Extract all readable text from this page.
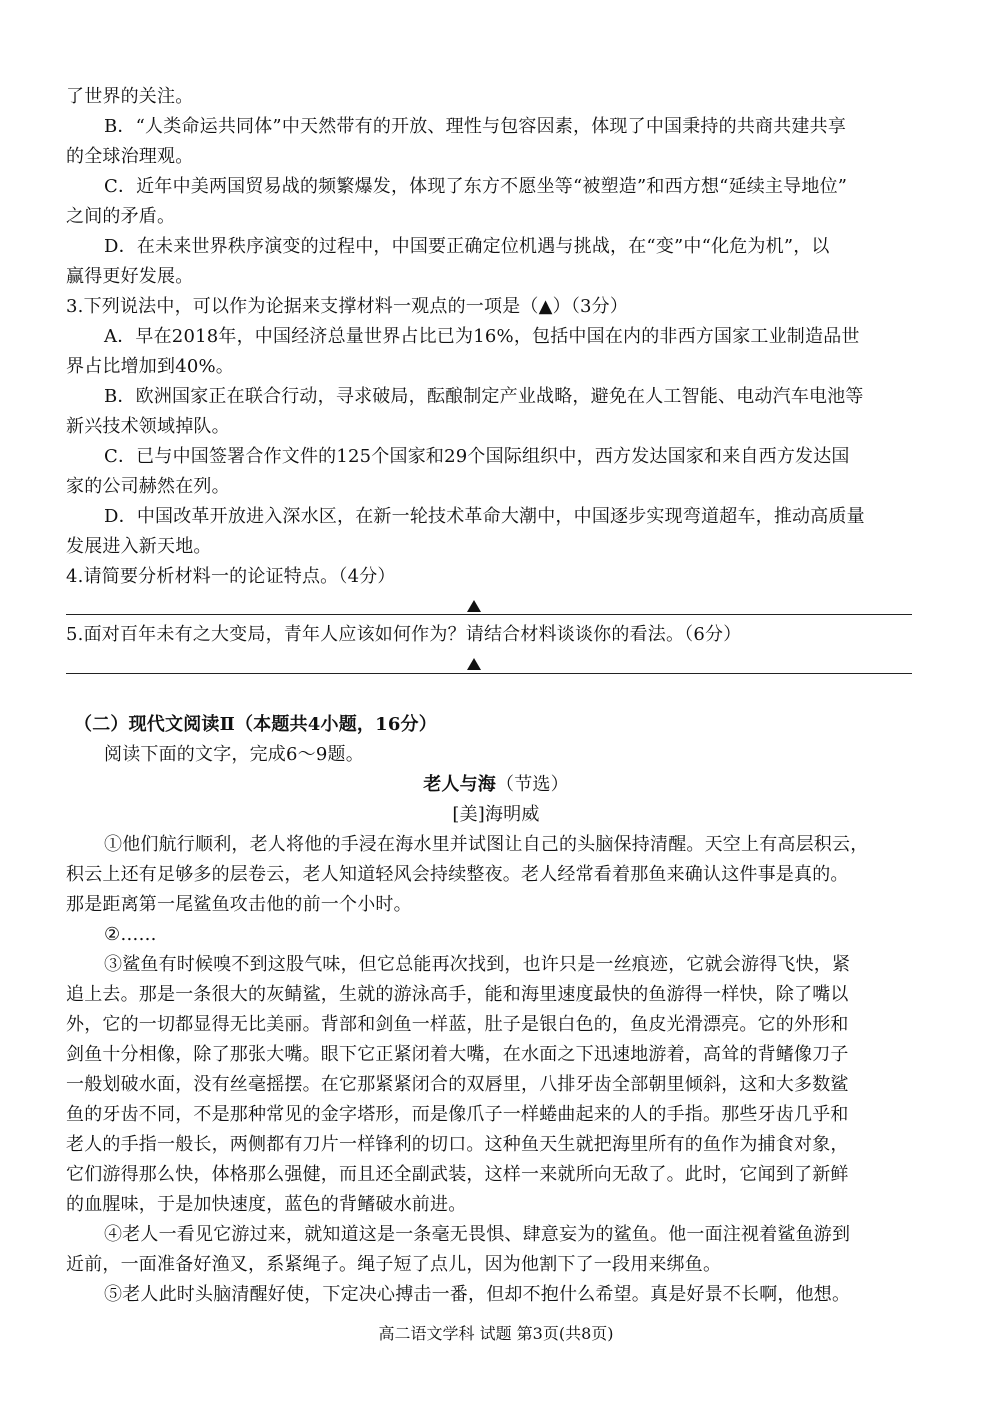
了世界的关注。
B．“人类命运共同体”中天然带有的开放、理性与包容因素，体现了中国秉持的共商共建共享
的全球治理观。
C．近年中美两国贸易战的频繁爆发，体现了东方不愿坐等“被塑造”和西方想“延续主导地位”
之间的矛盾。
D．在未来世界秩序演变的过程中，中国要正确定位机遇与挑战，在“变”中“化危为机”，以
赢得更好发展。
3.下列说法中，可以作为论据来支撑材料一观点的一项是（▲）（3分）
A．早在2018年，中国经济总量世界占比已为16%，包括中国在内的非西方国家工业制造品世
界占比增加到40%。
B．欧洲国家正在联合行动，寻求破局，酝酿制定产业战略，避免在人工智能、电动汽车电池等
新兴技术领域掉队。
C．已与中国签署合作文件的125个国家和29个国际组织中，西方发达国家和来自西方发达国
家的公司赫然在列。
D．中国改革开放进入深水区，在新一轮技术革命大潮中，中国逐步实现弯道超车，推动高质量
发展进入新天地。
4.请简要分析材料一的论证特点。（4分）
5.面对百年未有之大变局，青年人应该如何作为？请结合材料谈谈你的看法。（6分）
（二）现代文阅读Ⅱ（本题共4小题，16分）
阅读下面的文字，完成6～9题。
老人与海（节选）
[美]海明威
①他们航行顺利，老人将他的手浸在海水里并试图让自己的头脑保持清醒。天空上有高层积云，
积云上还有足够多的层卷云，老人知道轻风会持续整夜。老人经常看着那鱼来确认这件事是真的。
那是距离第一尾鲨鱼攻击他的前一个小时。
②……
③鲨鱼有时候嗅不到这股气味，但它总能再次找到，也许只是一丝痕迹，它就会游得飞快，紧
追上去。那是一条很大的灰鲭鲨，生就的游泳高手，能和海里速度最快的鱼游得一样快，除了嘴以
外，它的一切都显得无比美丽。背部和剑鱼一样蓝，肚子是银白色的，鱼皮光滑漂亮。它的外形和
剑鱼十分相像，除了那张大嘴。眼下它正紧闭着大嘴，在水面之下迅速地游着，高耸的背鳍像刀子
一般划破水面，没有丝毫摇摆。在它那紧紧闭合的双唇里，八排牙齿全部朝里倾斜，这和大多数鲨
鱼的牙齿不同，不是那种常见的金字塔形，而是像爪子一样蜷曲起来的人的手指。那些牙齿几乎和
老人的手指一般长，两侧都有刀片一样锋利的切口。这种鱼天生就把海里所有的鱼作为捕食对象，
它们游得那么快，体格那么强健，而且还全副武装，这样一来就所向无敌了。此时，它闻到了新鲜
的血腥味，于是加快速度，蓝色的背鳍破水前进。
④老人一看见它游过来，就知道这是一条毫无畏惧、肆意妄为的鲨鱼。他一面注视着鲨鱼游到
近前，一面准备好渔叉，系紧绳子。绳子短了点儿，因为他割下了一段用来绑鱼。
⑤老人此时头脑清醒好使，下定决心搏击一番，但却不抱什么希望。真是好景不长啊，他想。
高二语文学科 试题 第3页(共8页)
